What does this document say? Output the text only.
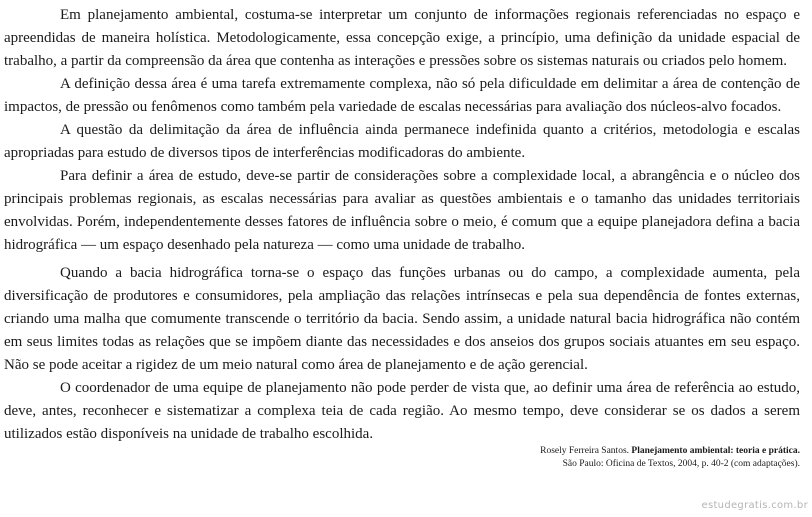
Em planejamento ambiental, costuma-se interpretar um conjunto de informações regionais referenciadas no espaço e apreendidas de maneira holística. Metodologicamente, essa concepção exige, a princípio, uma definição da unidade espacial de trabalho, a partir da compreensão da área que contenha as interações e pressões sobre os sistemas naturais ou criados pelo homem.

A definição dessa área é uma tarefa extremamente complexa, não só pela dificuldade em delimitar a área de contenção de impactos, de pressão ou fenômenos como também pela variedade de escalas necessárias para avaliação dos núcleos-alvo focados.

A questão da delimitação da área de influência ainda permanece indefinida quanto a critérios, metodologia e escalas apropriadas para estudo de diversos tipos de interferências modificadoras do ambiente.

Para definir a área de estudo, deve-se partir de considerações sobre a complexidade local, a abrangência e o núcleo dos principais problemas regionais, as escalas necessárias para avaliar as questões ambientais e o tamanho das unidades territoriais envolvidas. Porém, independentemente desses fatores de influência sobre o meio, é comum que a equipe planejadora defina a bacia hidrográfica — um espaço desenhado pela natureza — como uma unidade de trabalho.

Quando a bacia hidrográfica torna-se o espaço das funções urbanas ou do campo, a complexidade aumenta, pela diversificação de produtores e consumidores, pela ampliação das relações intrínsecas e pela sua dependência de fontes externas, criando uma malha que comumente transcende o território da bacia. Sendo assim, a unidade natural bacia hidrográfica não contém em seus limites todas as relações que se impõem diante das necessidades e dos anseios dos grupos sociais atuantes em seu espaço. Não se pode aceitar a rigidez de um meio natural como área de planejamento e de ação gerencial.

O coordenador de uma equipe de planejamento não pode perder de vista que, ao definir uma área de referência ao estudo, deve, antes, reconhecer e sistematizar a complexa teia de cada região. Ao mesmo tempo, deve considerar se os dados a serem utilizados estão disponíveis na unidade de trabalho escolhida.

Rosely Ferreira Santos. Planejamento ambiental: teoria e prática.
São Paulo: Oficina de Textos, 2004, p. 40-2 (com adaptações).
estudegratis.com.br
